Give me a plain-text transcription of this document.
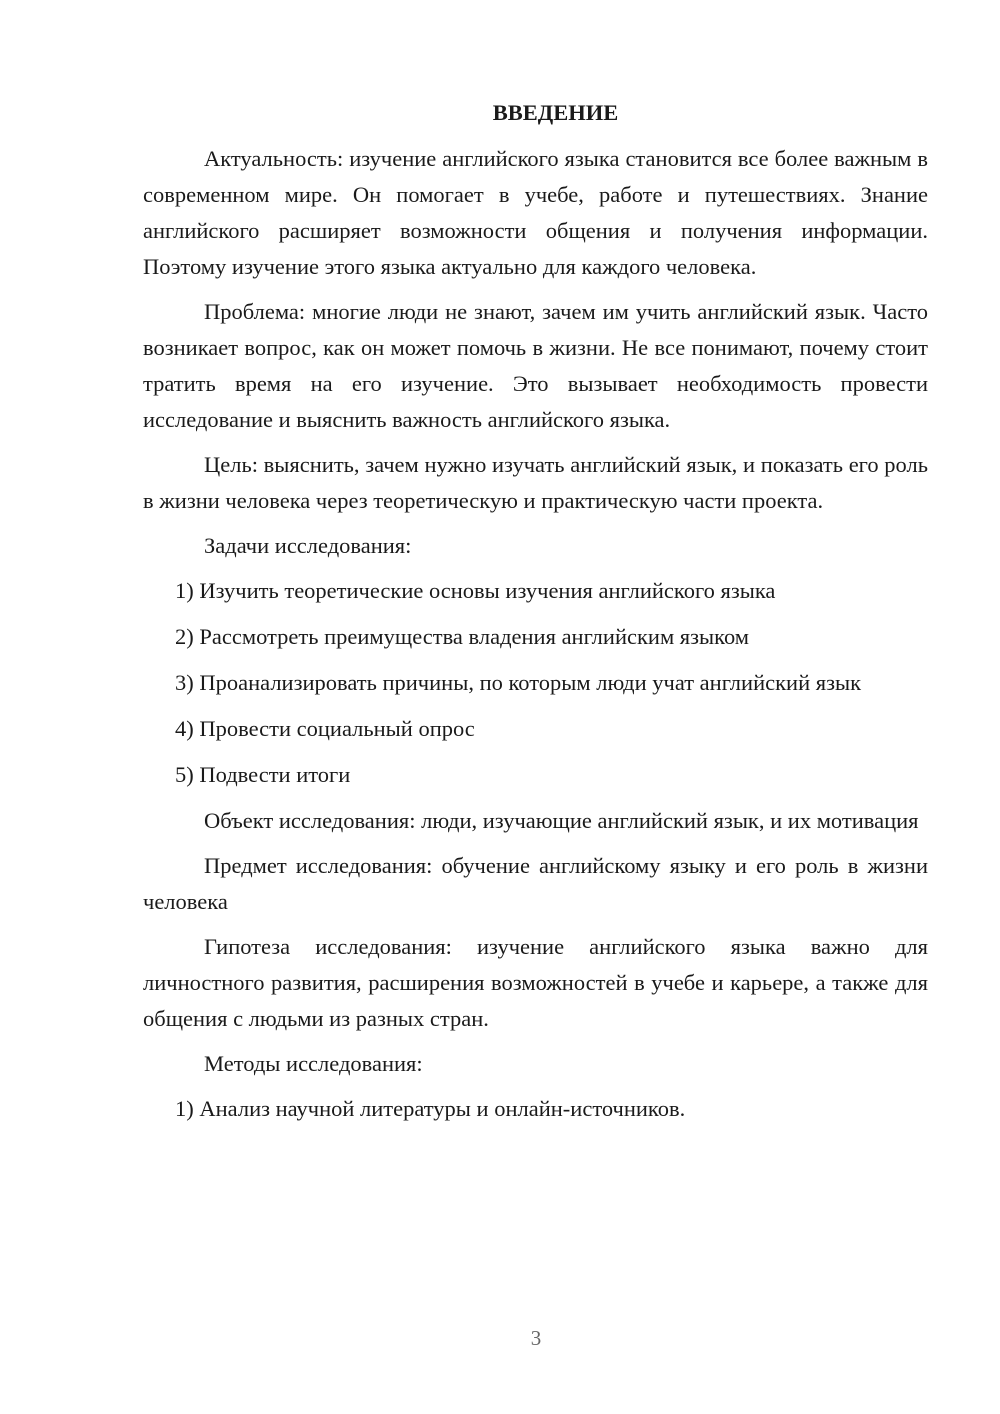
ВВЕДЕНИЕ

Актуальность: изучение английского языка становится все более важным в современном мире. Он помогает в учебе, работе и путешествиях. Знание английского расширяет возможности общения и получения информации. Поэтому изучение этого языка актуально для каждого человека.

Проблема: многие люди не знают, зачем им учить английский язык. Часто возникает вопрос, как он может помочь в жизни. Не все понимают, почему стоит тратить время на его изучение. Это вызывает необходимость провести исследование и выяснить важность английского языка.

Цель: выяснить, зачем нужно изучать английский язык, и показать его роль в жизни человека через теоретическую и практическую части проекта.

Задачи исследования:

1) Изучить теоретические основы изучения английского языка

2) Рассмотреть преимущества владения английским языком

3) Проанализировать причины, по которым люди учат английский язык

4) Провести социальный опрос

5) Подвести итоги

Объект исследования: люди, изучающие английский язык, и их мотивация

Предмет исследования: обучение английскому языку и его роль в жизни человека

Гипотеза исследования: изучение английского языка важно для личностного развития, расширения возможностей в учебе и карьере, а также для общения с людьми из разных стран.

Методы исследования:

1) Анализ научной литературы и онлайн-источников.

3
